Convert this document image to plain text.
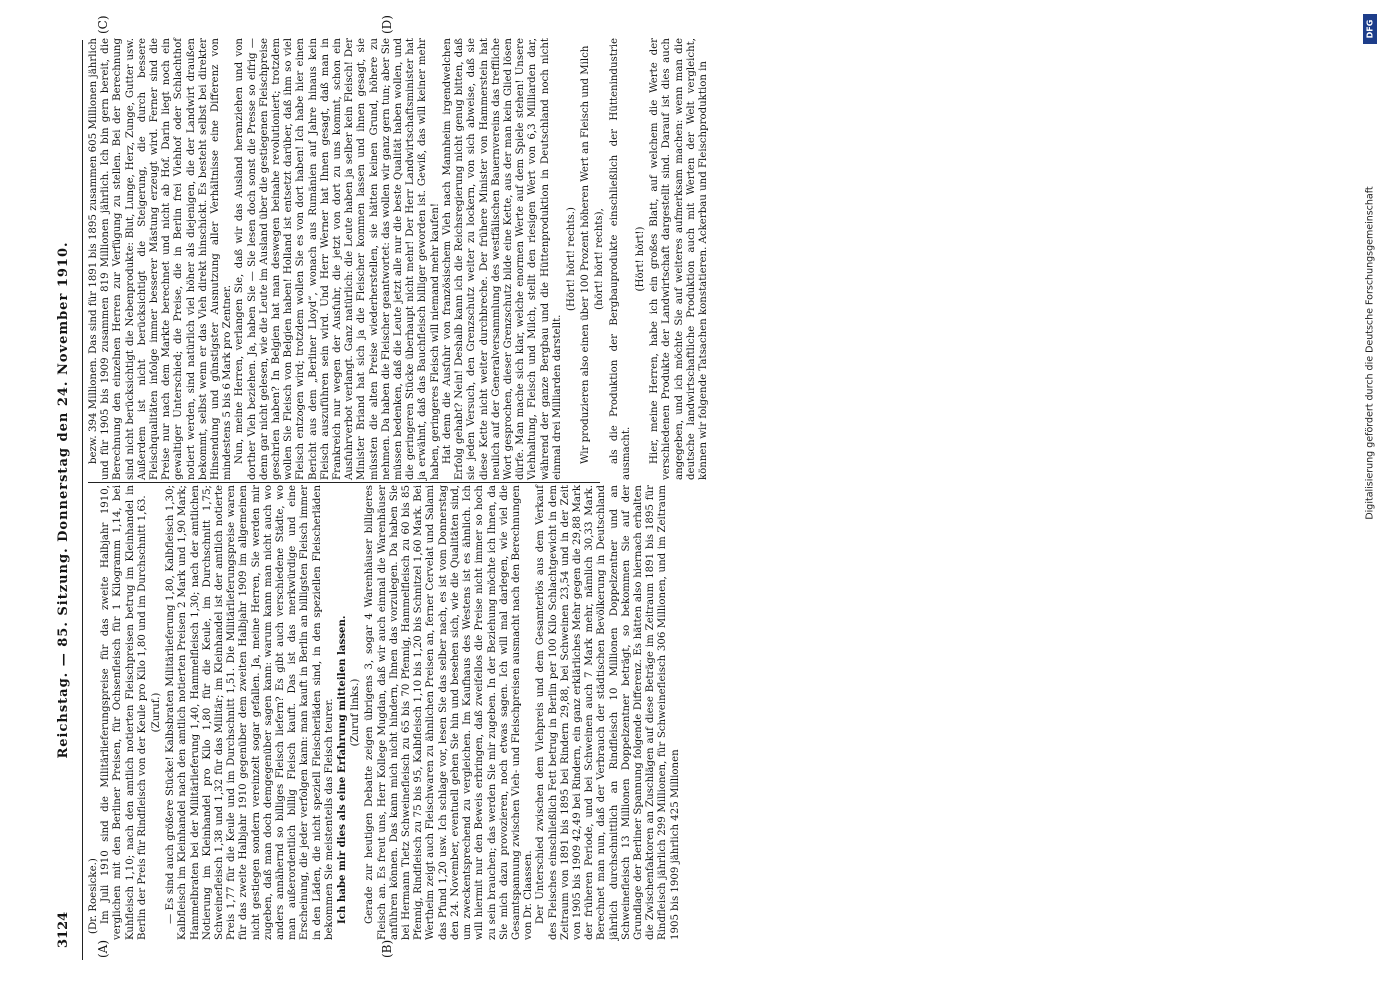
3124
Reichstag. — 85. Sitzung. Donnerstag den 24. November 1910.
(A)	(B)
(C)	(D)

(Dr. Roesicke.) Im Juli 1910 sind die Militärlieferungspreise für das zweite Halbjahr 1910, verglichen mit den Berliner Preisen, für Ochsenfleisch für 1 Kilogramm 1,14, bei Kuhfleisch 1,10; nach den amtlich notierten Fleischpreisen betrug im Kleinhandel in Berlin der Preis für Rindfleisch von der Keule pro Kilo 1,80 und im Durchschnitt 1,63. (Zuruf.) — Es sind auch größere Stücke! Kalbsbraten Militärlieferung 1,80, Kalbfleisch 1,30; Kalbfleisch im Kleinhandel nach den amtlich notierten Preisen 2 Mark und 1,90 Mark; Hammelbraten bei der Militärlieferung 1,40, Hammelfleisch 1,30; nach der amtlichen Notierung im Kleinhandel pro Kilo 1,80 für die Keule, im Durchschnitt 1,75; Schweinefleisch 1,38 und 1,32 für das Militär; im Kleinhandel ist der amtlich notierte Preis 1,77 für die Keule und im Durchschnitt 1,51. Die Militärlieferungspreise waren für das zweite Halbjahr 1910 gegenüber dem zweiten Halbjahr 1909 im allgemeinen nicht gestiegen sondern vereinzelt sogar gefallen. Ja, meine Herren, Sie werden mir zugeben, daß man doch demgegenüber sagen kann: warum kann man nicht auch wo anders annähernd so billiges Fleisch liefern? Es gibt auch verschiedene Städte, wo man außerordentlich billig Fleisch kauft. Das ist das merkwürdige und eine Erscheinung, die jeder verfolgen kann: man kauft in Berlin an billigsten Fleisch immer in den Läden, die nicht speziell Fleischerläden sind, in den speziellen Fleischerläden bekommen Sie meistenteils das Fleisch teurer. Ich habe mir dies als eine Erfahrung mitteilen lassen. (Zuruf links.) Gerade zur heutigen Debatte zeigen übrigens 3, sogar 4 Warenhäuser billigeres Fleisch an. Es freut uns, Herr Kollege Mugdan, daß wir auch einmal die Warenhäuser anführen können. Das kann mich nicht hindern, Ihnen das vorzulegen. Da haben Sie bei Hermann Tietz Schweinefleisch zu 65 bis 70 Pfennig, Hammelfleisch zu 60 bis 85 Pfennig, Rindfleisch zu 75 bis 95, Kalbfleisch 1,10 bis 1,20 bis Schnitzel 1,60 Mark. Bei Wertheim zeigt auch Fleischwaren zu ähnlichen Preisen an, ferner Cervelat und Salami das Pfund 1,20 usw. Ich schlage vor, lesen Sie das selber nach, es ist vom Donnerstag den 24. November, eventuell gehen Sie hin und besehen sich, wie die Qualitäten sind, um zweckentsprechend zu vergleichen. Im Kaufhaus des Westens ist es ähnlich. Ich will hiermit nur den Beweis erbringen, daß zweifellos die Preise nicht immer so hoch zu sein brauchen; das werden Sie mir zugeben. In der Beziehung möchte ich Ihnen, da Sie mich dazu provozieren, noch etwas sagen. Ich will mal darlegen, wie viel die Gesamtspannung zwischen Vieh- und Fleischpreisen ausmacht nach den Berechnungen von Dr. Claassen. Der Unterschied zwischen dem Viehpreis und dem Gesamterlös aus dem Verkauf des Fleisches einschließlich Fett betrug in Berlin per 100 Kilo Schlachtgewicht in dem Zeitraum von 1891 bis 1895 bei Rindern 29,88, bei Schweinen 23,54 und in der Zeit von 1905 bis 1909 42,49 bei Rindern, ein ganz erklärliches Mehr gegen die 29,88 Mark der früheren Periode, und bei Schweinen auch 7 Mark mehr, nämlich 30,33 Mark. Berechnet man nun, daß der Verbrauch der städtischen Bevölkerung in Deutschland jährlich durchschnittlich an Rindfleisch 10 Millionen Doppelzentner und an Schweinefleisch 13 Millionen Doppelzentner beträgt, so bekommen Sie auf der Grundlage der Berliner Spannung folgende Differenz. Es hätten also hiernach erhalten die Zwischenfaktoren an Zuschlägen auf diese Beträge im Zeitraum 1891 bis 1895 für Rindfleisch jährlich 299 Millionen, für Schweinefleisch 306 Millionen, und im Zeitraum 1905 bis 1909 jährlich 425 Millionen

bezw. 394 Millionen. Das sind für 1891 bis 1895 zusammen 605 Millionen jährlich und für 1905 bis 1909 zusammen 819 Millionen jährlich. Ich bin gern bereit, die Berechnung den einzelnen Herren zur Verfügung zu stellen. Bei der Berechnung sind nicht berücksichtigt die Nebenprodukte: Blut, Lunge, Herz, Zunge, Gutter usw. Außerdem ist nicht berücksichtigt die Steigerung, die durch bessere Fleischqualitäten infolge immer besserer Mästung erzeugt wird. Ferner sind die Preise nur nach dem Markte berechnet und nicht ab Hof. Darin liegt noch ein gewaltiger Unterschied; die Preise, die in Berlin frei Viehhof oder Schlachthof notiert werden, sind natürlich viel höher als diejenigen, die der Landwirt draußen bekommt, selbst wenn er das Vieh direkt hinschickt. Es besteht selbst bei direkter Hinsendung und günstigster Ausnutzung aller Verhältnisse eine Differenz von mindestens 5 bis 6 Mark pro Zentner. Nun, meine Herren, verlangen Sie, daß wir das Ausland heranziehen und von dorther Vieh beziehen. Ja, haben Sie — Sie lesen doch sonst die Presse so eifrig — denn gar nicht gelesen, wie die Leute im Ausland über die gestiegenen Fleischpreise geschrien haben? In Belgien hat man deswegen beinahe revolutioniert; trotzdem wollen Sie Fleisch von Belgien haben! Holland ist entsetzt darüber, daß ihm so viel Fleisch entzogen wird; trotzdem wollen Sie es von dort haben! Ich habe hier einen Bericht aus dem „Berliner Lloyd“, wonach aus Rumänien auf Jahre hinaus kein Fleisch auszuführen sein wird. Und Herr Werner hat Ihnen gesagt, daß man in Frankreich nur wegen der Ausfuhr, die jetzt von dort zu uns kommt, schon ein Ausfuhrverbot verlangt. Ganz natürlich: die Leute haben ja selber kein Fleisch! Der Minister Briand hat sich ja die Fleischer kommen lassen und ihnen gesagt, sie müssten die alten Preise wiederherstellen, sie hätten keinen Grund, höhere zu nehmen. Da haben die Fleischer geantwortet: das wollen wir ganz gern tun; aber Sie müssen bedenken, daß die Leute jetzt alle nur die beste Qualität haben wollen, und die geringeren Stücke überhaupt nicht mehr! Der Herr Landwirtschaftsminister hat ja erwähnt, daß das Bauchfleisch billiger geworden ist. Gewiß, das will keiner mehr haben, geringeres Fleisch will niemand mehr kaufen! Hat denn die Ausfuhr von französischem Vieh nach Mannheim irgendwelchen Erfolg gehabt? Nein! Deshalb kann ich die Reichsregierung nicht genug bitten, daß sie jeden Versuch, den Grenzschutz weiter zu lockern, von sich abweise, daß sie diese Kette nicht weiter durchbreche. Der frühere Minister von Hammerstein hat neulich auf der Generalversammlung des westfälischen Bauernvereins das treffliche Wort gesprochen, dieser Grenzschutz bilde eine Kette, aus der man kein Glied lösen dürfe. Man mache sich klar, welche enormen Werte auf dem Spiele stehen! Unsere Viehhaltung, Fleisch und Milch, stellt den riesigen Wert von 6,3 Milliarden dar, während der ganze Bergbau und die Hüttenproduktion in Deutschland noch nicht einmal drei Milliarden darstellt.

(Hört! hört! rechts.) Wir produzieren also einen über 100 Prozent höheren Wert an Fleisch und Milch (hört! hört! rechts), als die Produktion der Bergbauprodukte einschließlich der Hüttenindustrie ausmacht.

(Hört! hört!) Hier, meine Herren, habe ich ein großes Blatt, auf welchem die Werte der verschiedenen Produkte der Landwirtschaft dargestellt sind. Darauf ist dies auch angegeben, und ich möchte Sie auf weiteres aufmerksam machen: wenn man die deutsche landwirtschaftliche Produktion auch mit Werten der Welt vergleicht, können wir folgende Tatsachen konstatieren. Ackerbau und Fleischproduktion in

DFG
Digitalisierung gefördert durch die Deutsche Forschungsgemeinschaft
